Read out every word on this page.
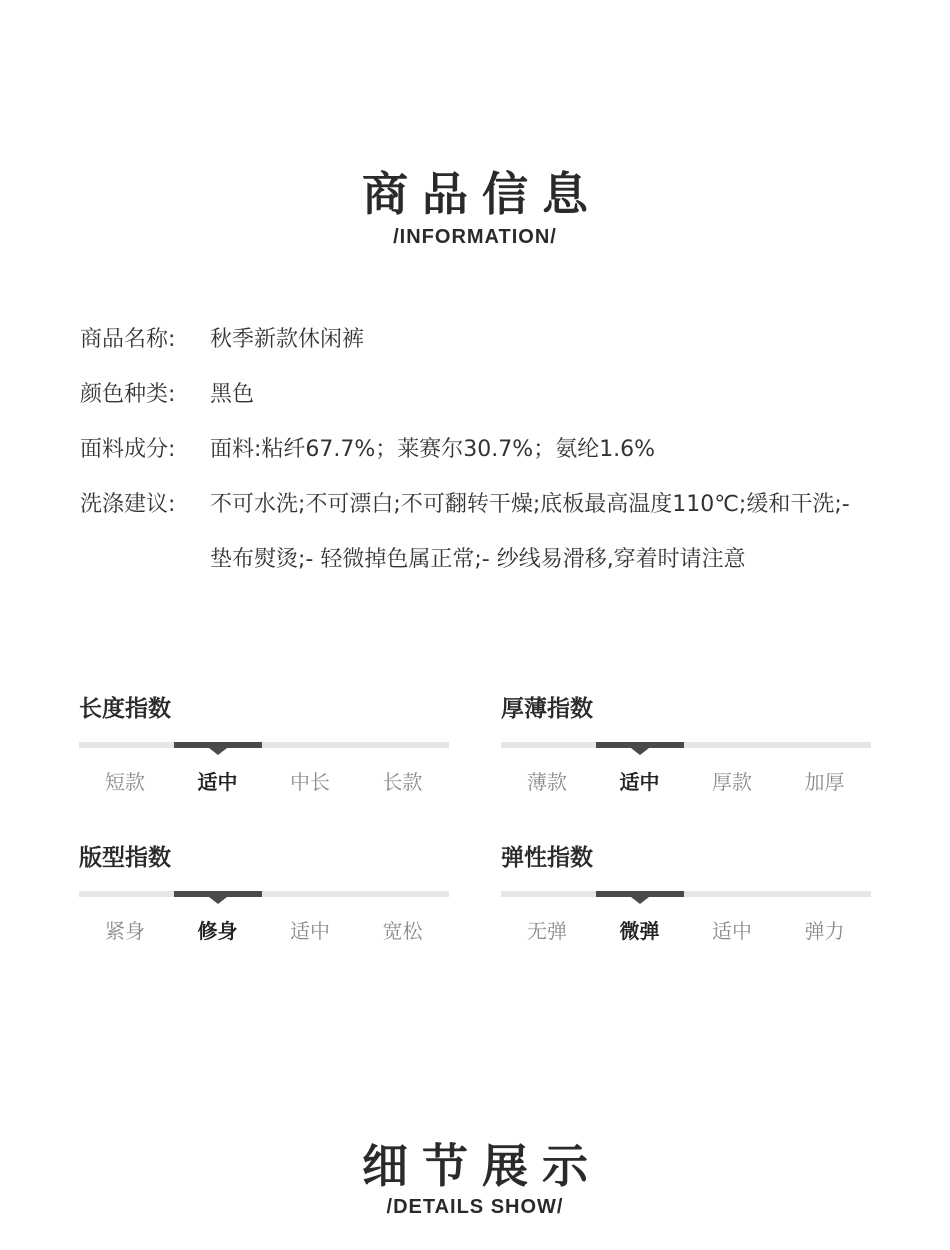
商品信息
/INFORMATION/
商品名称: 秋季新款休闲裤
颜色种类: 黑色
面料成分: 面料:粘纤67.7%；莱赛尔30.7%；氨纶1.6%
洗涤建议: 不可水洗;不可漂白;不可翻转干燥;底板最高温度110℃;缓和干洗;- 垫布熨烫;- 轻微掉色属正常;- 纱线易滑移,穿着时请注意
长度指数
短款	适中	中长	长款
厚薄指数
薄款	适中	厚款	加厚
版型指数
紧身	修身	适中	宽松
弹性指数
无弹	微弹	适中	弹力
细节展示
/DETAILS SHOW/
